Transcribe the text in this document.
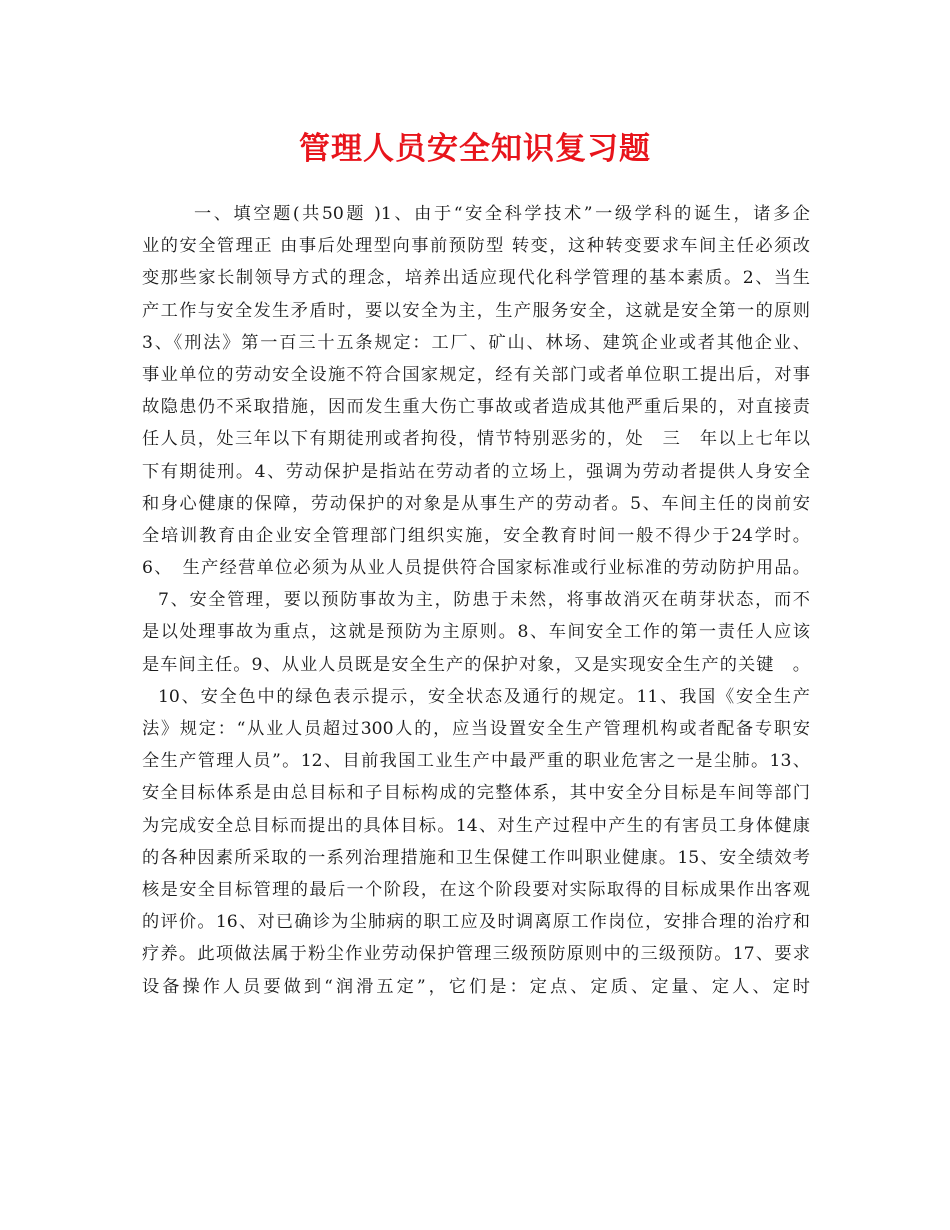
管理人员安全知识复习题
一、填空题(共50题 )1、由于“安全科学技术”一级学科的诞生，诸多企
业的安全管理正 由事后处理型向事前预防型 转变，这种转变要求车间主任必须改
变那些家长制领导方式的理念，培养出适应现代化科学管理的基本素质。2、当生
产工作与安全发生矛盾时，要以安全为主，生产服务安全，这就是安全第一的原则
3、《刑法》第一百三十五条规定：工厂、矿山、林场、建筑企业或者其他企业、
事业单位的劳动安全设施不符合国家规定，经有关部门或者单位职工提出后，对事
故隐患仍不采取措施，因而发生重大伤亡事故或者造成其他严重后果的，对直接责
任人员，处三年以下有期徒刑或者拘役，情节特别恶劣的，处　三　年以上七年以
下有期徒刑。4、劳动保护是指站在劳动者的立场上，强调为劳动者提供人身安全
和身心健康的保障，劳动保护的对象是从事生产的劳动者。5、车间主任的岗前安
全培训教育由企业安全管理部门组织实施，安全教育时间一般不得少于24学时。
6、　生产经营单位必须为从业人员提供符合国家标准或行业标准的劳动防护用品。
7、安全管理，要以预防事故为主，防患于未然，将事故消灭在萌芽状态，而不
是以处理事故为重点，这就是预防为主原则。8、车间安全工作的第一责任人应该
是车间主任。9、从业人员既是安全生产的保护对象，又是实现安全生产的关键　。
10、安全色中的绿色表示提示，安全状态及通行的规定。11、我国《安全生产
法》规定：“从业人员超过300人的，应当设置安全生产管理机构或者配备专职安
全生产管理人员”。12、目前我国工业生产中最严重的职业危害之一是尘肺。13、
安全目标体系是由总目标和子目标构成的完整体系，其中安全分目标是车间等部门
为完成安全总目标而提出的具体目标。14、对生产过程中产生的有害员工身体健康
的各种因素所采取的一系列治理措施和卫生保健工作叫职业健康。15、安全绩效考
核是安全目标管理的最后一个阶段，在这个阶段要对实际取得的目标成果作出客观
的评价。16、对已确诊为尘肺病的职工应及时调离原工作岗位，安排合理的治疗和
疗养。此项做法属于粉尘作业劳动保护管理三级预防原则中的三级预防。17、要求
设备操作人员要做到“润滑五定”，它们是：定点、定质、定量、定人、定时
